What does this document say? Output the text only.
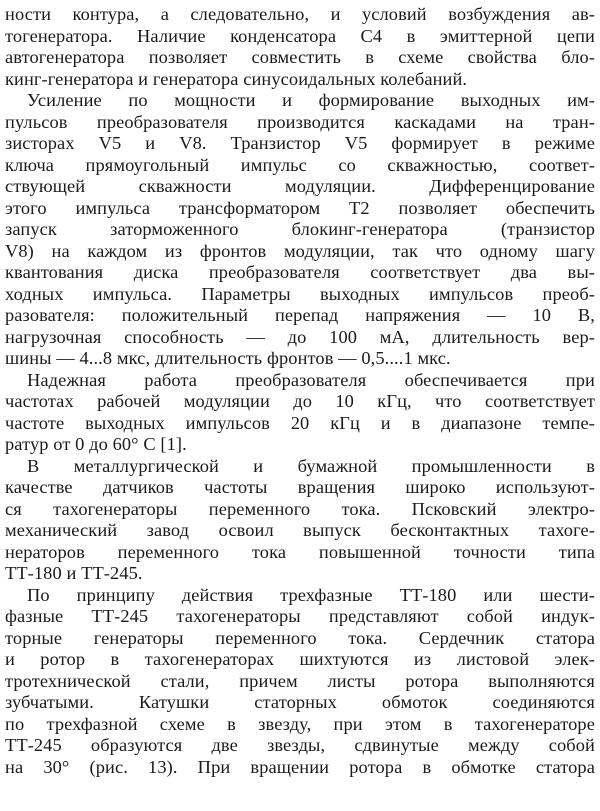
ности контура, а следовательно, и условий возбуждения ав-
тогенератора. Наличие конденсатора С4 в эмиттерной цепи
автогенератора позволяет совместить в схеме свойства бло-
кинг-генератора и генератора синусоидальных колебаний.
Усиление по мощности и формирование выходных им-
пульсов преобразователя производится каскадами на тран-
зисторах V5 и V8. Транзистор V5 формирует в режиме
ключа прямоугольный импульс со скважностью, соответ-
ствующей скважности модуляции. Дифференцирование
этого импульса трансформатором Т2 позволяет обеспечить
запуск заторможенного блокинг-генератора (транзистор
V8) на каждом из фронтов модуляции, так что одному шагу
квантования диска преобразователя соответствует два вы-
ходных импульса. Параметры выходных импульсов преоб-
разователя: положительный перепад напряжения — 10 В,
нагрузочная способность — до 100 мА, длительность вер-
шины — 4...8 мкс, длительность фронтов — 0,5....1 мкс.
Надежная работа преобразователя обеспечивается при
частотах рабочей модуляции до 10 кГц, что соответствует
частоте выходных импульсов 20 кГц и в диапазоне темпе-
ратур от 0 до 60° С [1].
В металлургической и бумажной промышленности в
качестве датчиков частоты вращения широко используют-
ся тахогенераторы переменного тока. Псковский электро-
механический завод освоил выпуск бесконтактных тахоге-
нераторов переменного тока повышенной точности типа
ТТ-180 и ТТ-245.
По принципу действия трехфазные ТТ-180 или шести-
фазные ТТ-245 тахогенераторы представляют собой индук-
торные генераторы переменного тока. Сердечник статора
и ротор в тахогенераторах шихтуются из листовой элек-
тротехнической стали, причем листы ротора выполняются
зубчатыми. Катушки статорных обмоток соединяются
по трехфазной схеме в звезду, при этом в тахогенераторе
ТТ-245 образуются две звезды, сдвинутые между собой
на 30° (рис. 13). При вращении ротора в обмотке статора
